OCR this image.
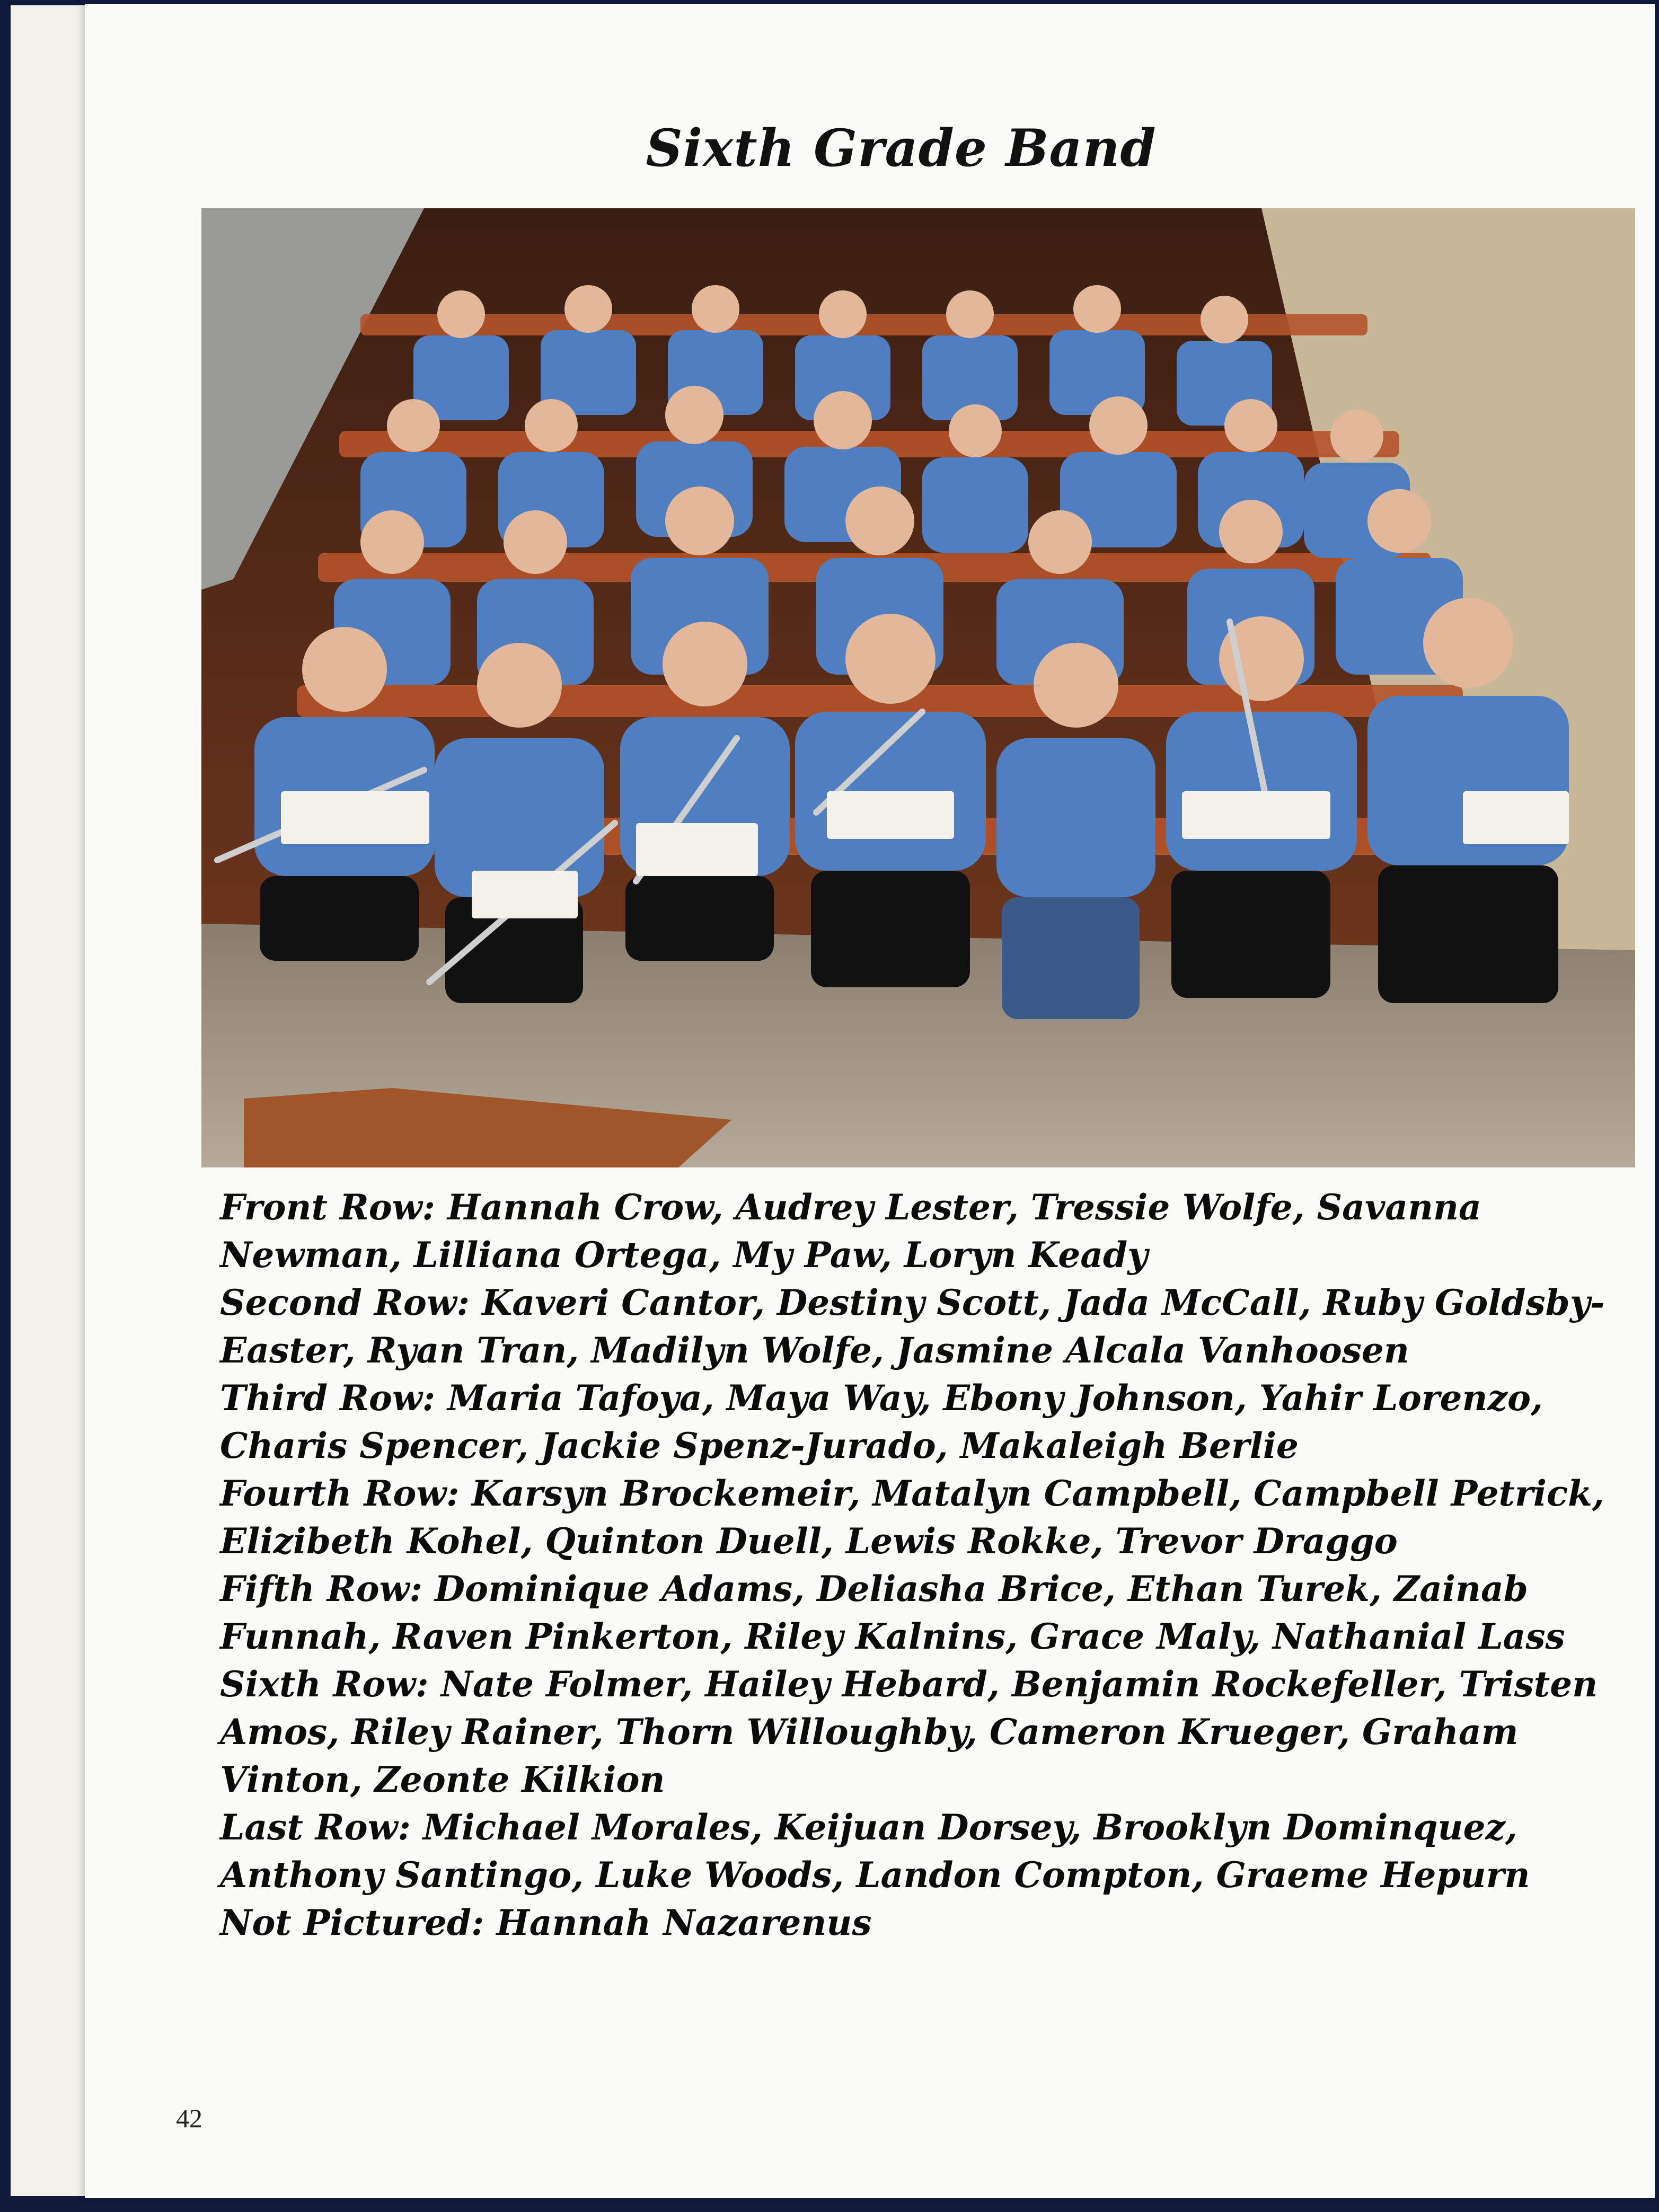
Sixth Grade Band

Front Row: Hannah Crow, Audrey Lester, Tressie Wolfe, Savanna Newman, Lilliana Ortega, My Paw, Loryn Keady

Second Row: Kaveri Cantor, Destiny Scott, Jada McCall, Ruby Goldsby-Easter, Ryan Tran, Madilyn Wolfe, Jasmine Alcala Vanhoosen

Third Row: Maria Tafoya, Maya Way, Ebony Johnson, Yahir Lorenzo, Charis Spencer, Jackie Spenz-Jurado, Makaleigh Berlie

Fourth Row: Karsyn Brockemeir, Matalyn Campbell, Campbell Petrick, Elizibeth Kohel, Quinton Duell, Lewis Rokke, Trevor Draggo

Fifth Row: Dominique Adams, Deliasha Brice, Ethan Turek, Zainab Funnah, Raven Pinkerton, Riley Kalnins, Grace Maly, Nathanial Lass

Sixth Row: Nate Folmer, Hailey Hebard, Benjamin Rockefeller, Tristen Amos, Riley Rainer, Thorn Willoughby, Cameron Krueger, Graham Vinton, Zeonte Kilkion

Last Row: Michael Morales, Keijuan Dorsey, Brooklyn Dominquez, Anthony Santingo, Luke Woods, Landon Compton, Graeme Hepurn

Not Pictured: Hannah Nazarenus

42
